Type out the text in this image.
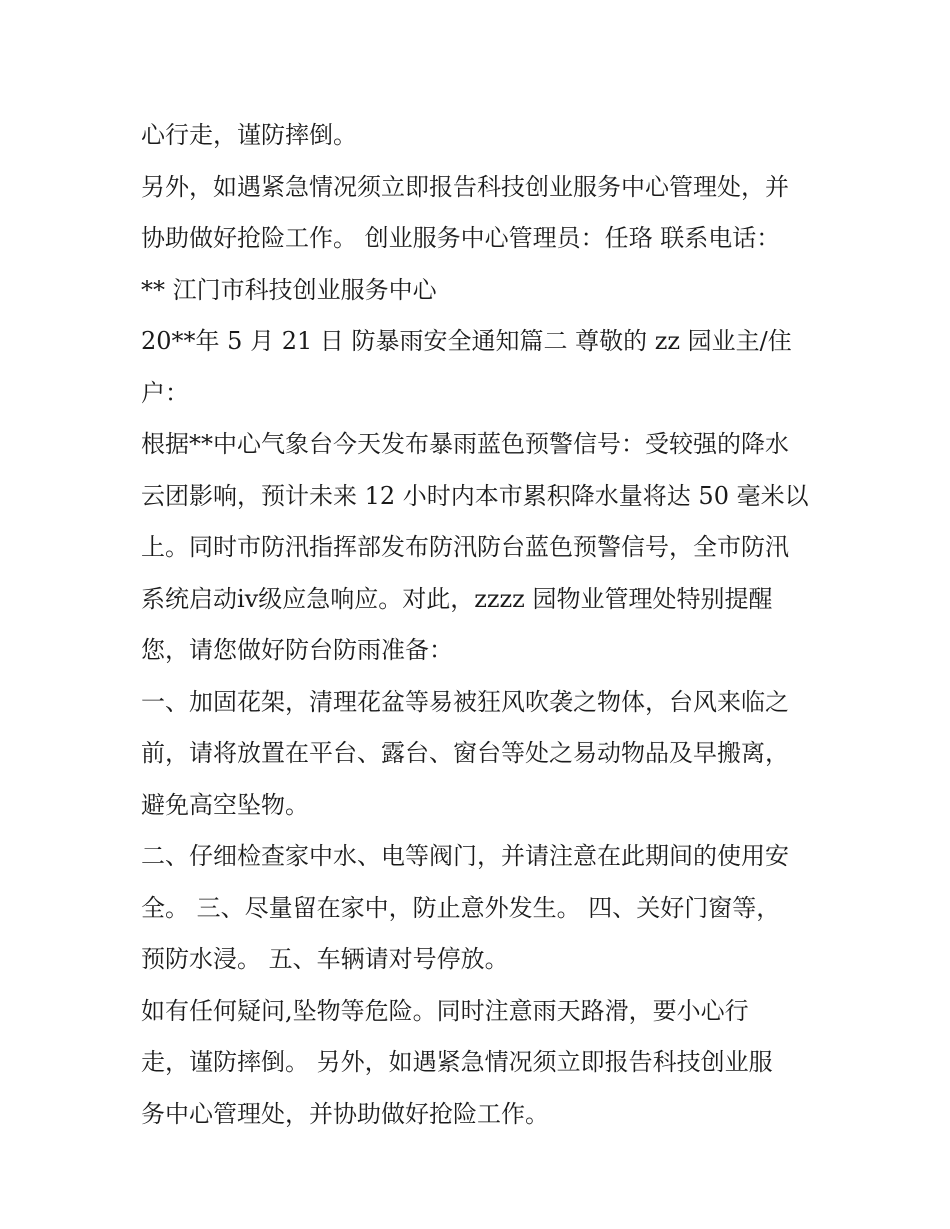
心行走，谨防摔倒。
另外，如遇紧急情况须立即报告科技创业服务中心管理处，并
协助做好抢险工作。 创业服务中心管理员：任珞 联系电话：
** 江门市科技创业服务中心
20**年 5 月 21 日 防暴雨安全通知篇二 尊敬的 zz 园业主/住
户：
根据**中心气象台今天发布暴雨蓝色预警信号：受较强的降水
云团影响，预计未来 12 小时内本市累积降水量将达 50 毫米以
上。同时市防汛指挥部发布防汛防台蓝色预警信号，全市防汛
系统启动ⅳ级应急响应。对此，zzzz 园物业管理处特别提醒
您，请您做好防台防雨准备：
一、加固花架，清理花盆等易被狂风吹袭之物体，台风来临之
前，请将放置在平台、露台、窗台等处之易动物品及早搬离，
避免高空坠物。
二、仔细检查家中水、电等阀门，并请注意在此期间的使用安
全。 三、尽量留在家中，防止意外发生。 四、关好门窗等，
预防水浸。 五、车辆请对号停放。
如有任何疑问,坠物等危险。同时注意雨天路滑，要小心行
走，谨防摔倒。 另外，如遇紧急情况须立即报告科技创业服
务中心管理处，并协助做好抢险工作。
